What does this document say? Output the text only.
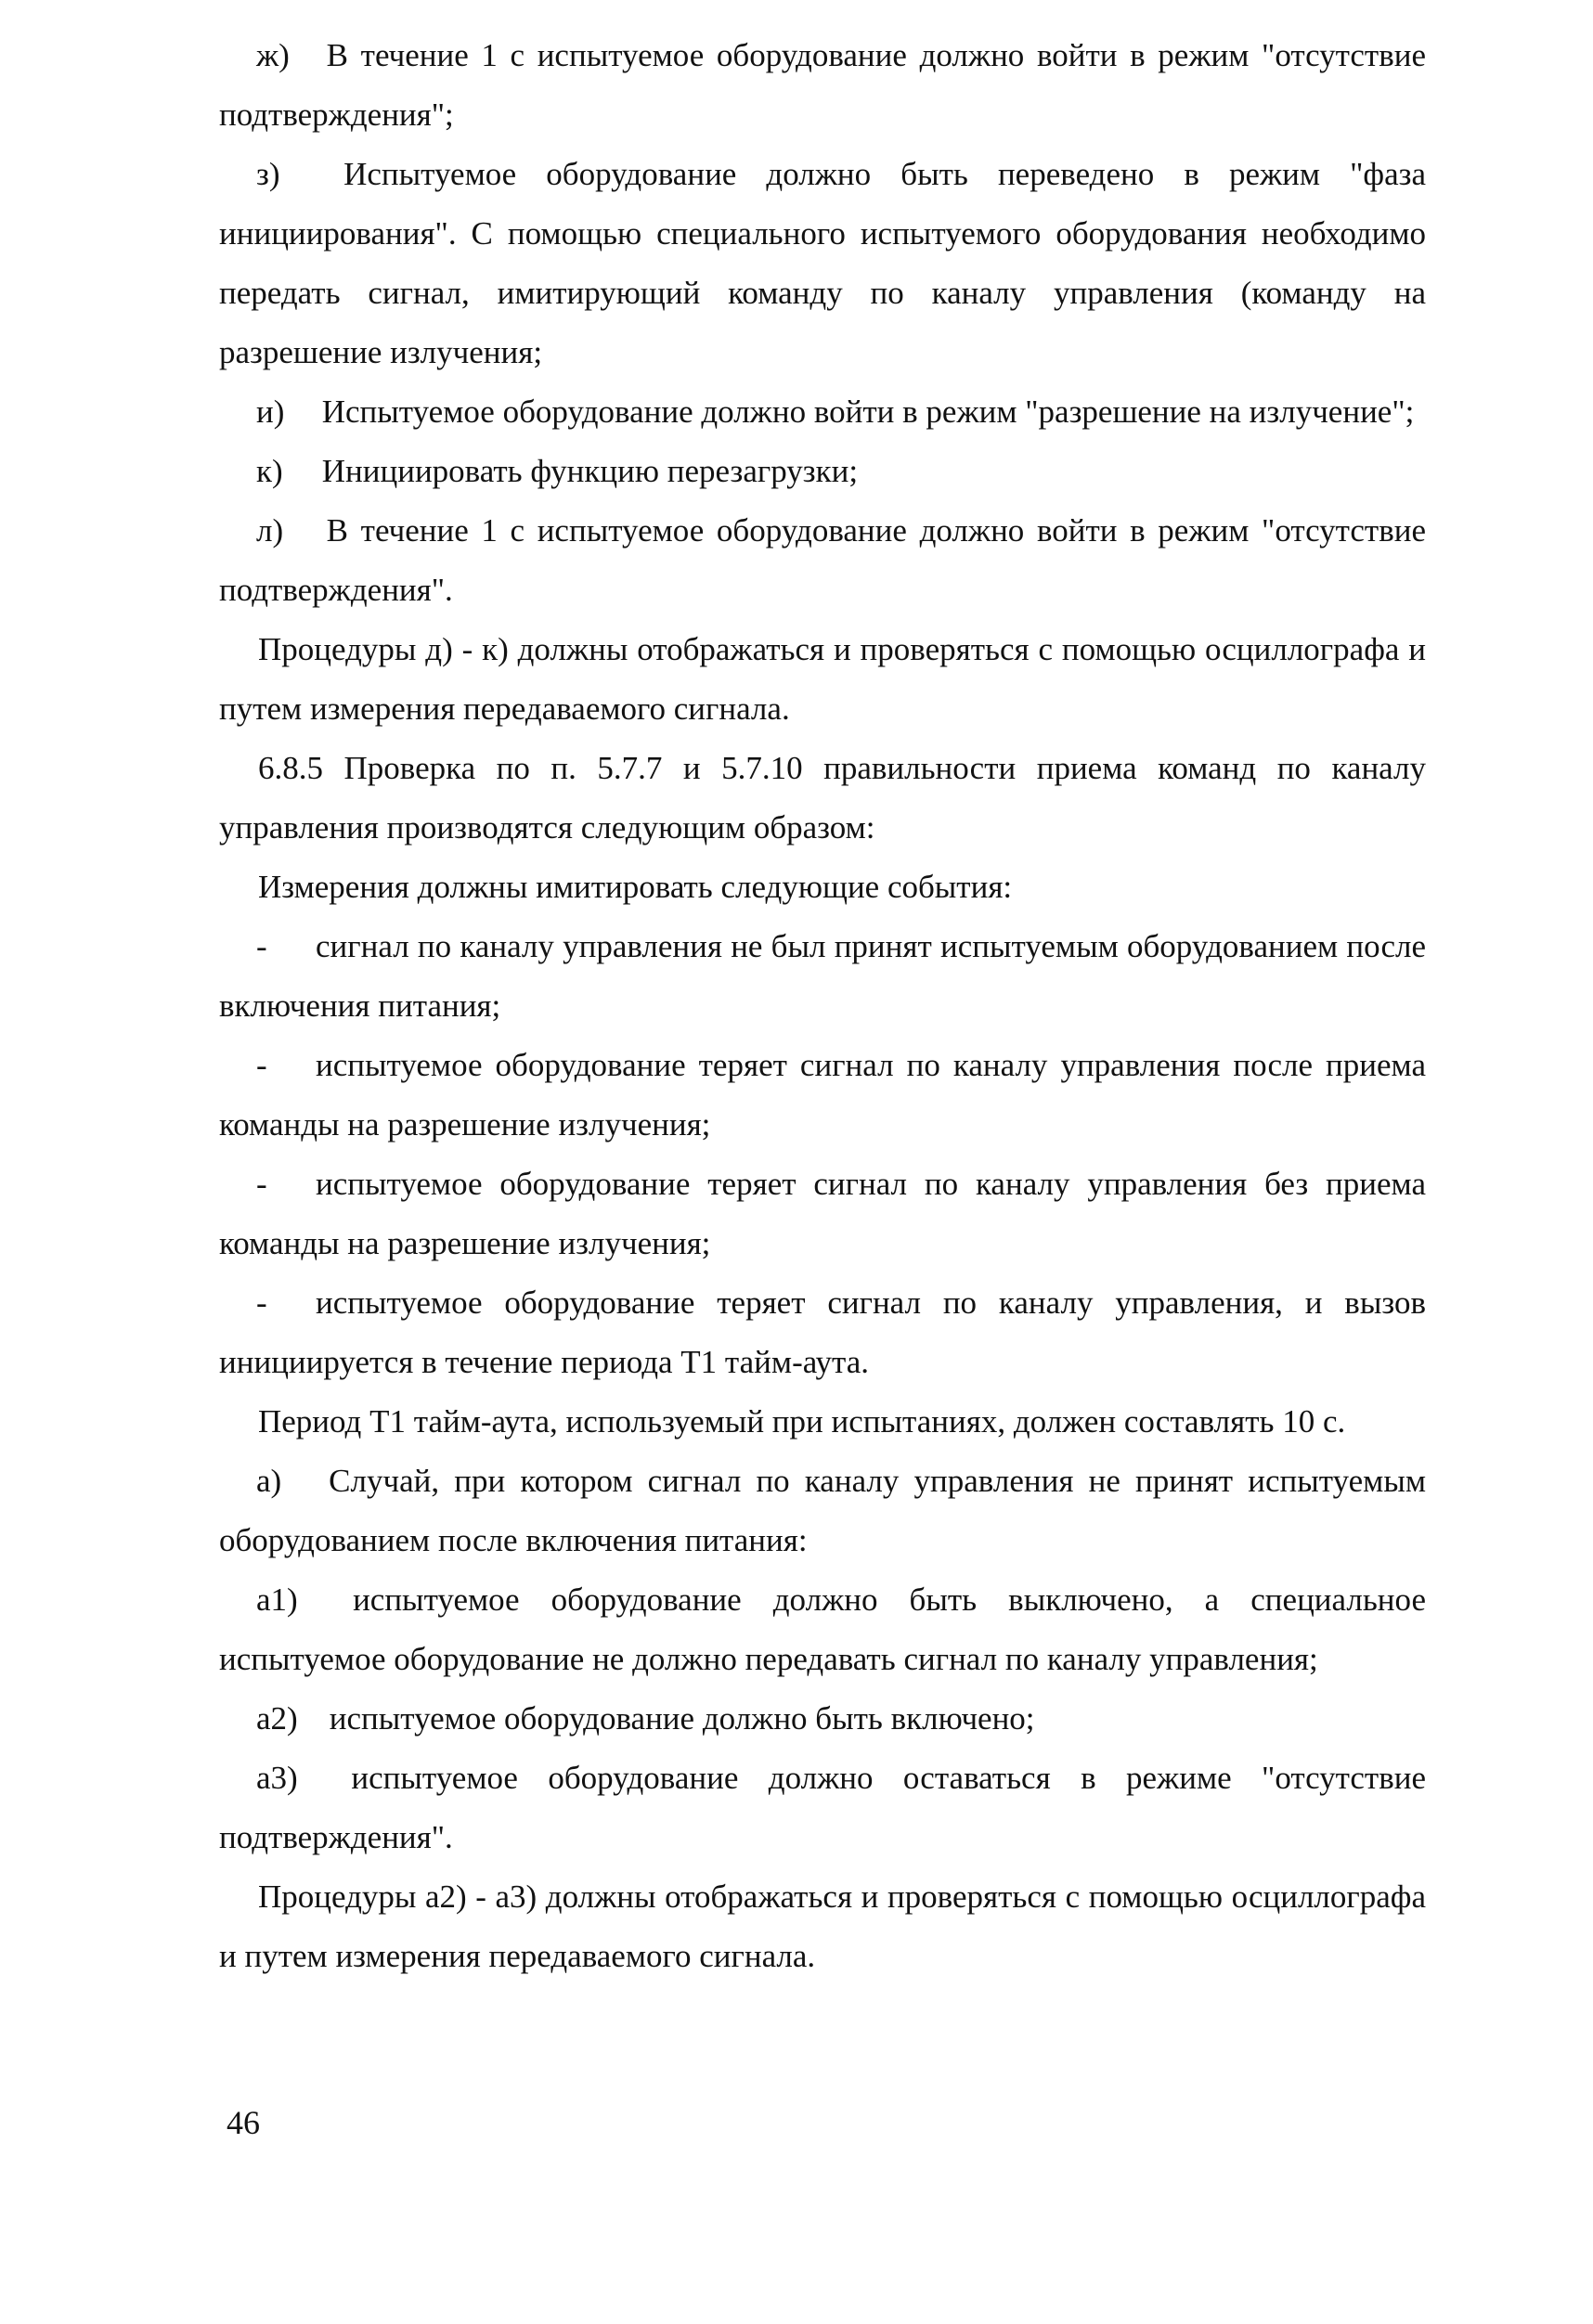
ж) В течение 1 с испытуемое оборудование должно войти в режим "отсутствие подтверждения";

з) Испытуемое оборудование должно быть переведено в режим "фаза инициирования". С помощью специального испытуемого оборудования необходимо передать сигнал, имитирующий команду по каналу управления (команду на разрешение излучения;

и) Испытуемое оборудование должно войти в режим "разрешение на излучение";

к) Инициировать функцию перезагрузки;

л) В течение 1 с испытуемое оборудование должно войти в режим "отсутствие подтверждения".

Процедуры д) - к) должны отображаться и проверяться с помощью осциллографа и путем измерения передаваемого сигнала.

6.8.5 Проверка по п. 5.7.7 и 5.7.10 правильности приема команд по каналу управления производятся следующим образом:

Измерения должны имитировать следующие события:

- сигнал по каналу управления не был принят испытуемым оборудованием после включения питания;

- испытуемое оборудование теряет сигнал по каналу управления после приема команды на разрешение излучения;

- испытуемое оборудование теряет сигнал по каналу управления без приема команды на разрешение излучения;

- испытуемое оборудование теряет сигнал по каналу управления, и вызов инициируется в течение периода Т1 тайм-аута.

Период Т1 тайм-аута, используемый при испытаниях, должен составлять 10 с.

а) Случай, при котором сигнал по каналу управления не принят испытуемым оборудованием после включения питания:

а1) испытуемое оборудование должно быть выключено, а специальное испытуемое оборудование не должно передавать сигнал по каналу управления;

а2) испытуемое оборудование должно быть включено;

а3) испытуемое оборудование должно оставаться в режиме "отсутствие подтверждения".

Процедуры а2) - а3) должны отображаться и проверяться с помощью осциллографа и путем измерения передаваемого сигнала.

46
